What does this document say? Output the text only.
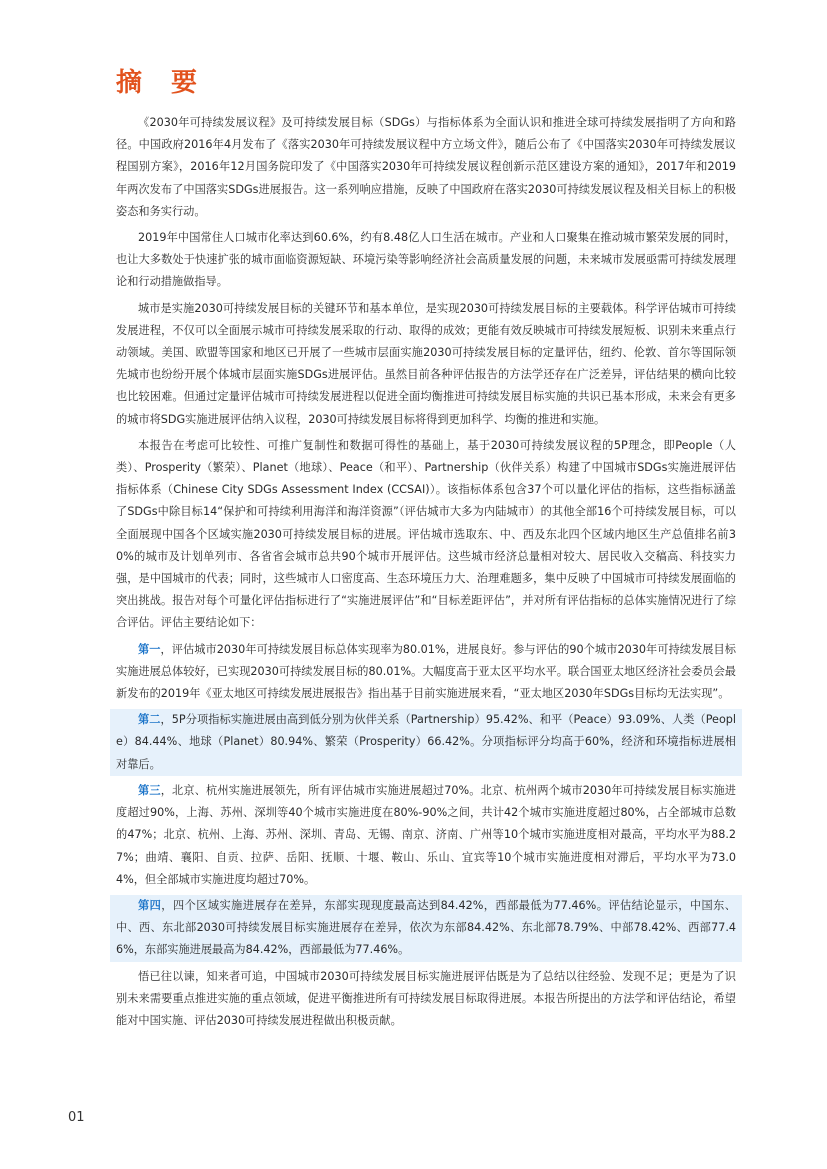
摘 要

《2030年可持续发展议程》及可持续发展目标（SDGs）与指标体系为全面认识和推进全球可持续发展指明了方向和路径。中国政府2016年4月发布了《落实2030年可持续发展议程中方立场文件》，随后公布了《中国落实2030年可持续发展议程国别方案》，2016年12月国务院印发了《中国落实2030年可持续发展议程创新示范区建设方案的通知》，2017年和2019年两次发布了中国落实SDGs进展报告。这一系列响应措施，反映了中国政府在落实2030可持续发展议程及相关目标上的积极姿态和务实行动。

2019年中国常住人口城市化率达到60.6%，约有8.48亿人口生活在城市。产业和人口聚集在推动城市繁荣发展的同时，也让大多数处于快速扩张的城市面临资源短缺、环境污染等影响经济社会高质量发展的问题，未来城市发展亟需可持续发展理论和行动措施做指导。

城市是实施2030可持续发展目标的关键环节和基本单位，是实现2030可持续发展目标的主要载体。科学评估城市可持续发展进程，不仅可以全面展示城市可持续发展采取的行动、取得的成效；更能有效反映城市可持续发展短板、识别未来重点行动领域。美国、欧盟等国家和地区已开展了一些城市层面实施2030可持续发展目标的定量评估，纽约、伦敦、首尔等国际领先城市也纷纷开展个体城市层面实施SDGs进展评估。虽然目前各种评估报告的方法学还存在广泛差异，评估结果的横向比较也比较困难。但通过定量评估城市可持续发展进程以促进全面均衡推进可持续发展目标实施的共识已基本形成，未来会有更多的城市将SDG实施进展评估纳入议程，2030可持续发展目标将得到更加科学、均衡的推进和实施。

本报告在考虑可比较性、可推广复制性和数据可得性的基础上，基于2030可持续发展议程的5P理念，即People（人类）、Prosperity（繁荣）、Planet（地球）、Peace（和平）、Partnership（伙伴关系）构建了中国城市SDGs实施进展评估指标体系（Chinese City SDGs Assessment Index (CCSAI)）。该指标体系包含37个可以量化评估的指标，这些指标涵盖了SDGs中除目标14“保护和可持续利用海洋和海洋资源”（评估城市大多为内陆城市）的其他全部16个可持续发展目标，可以全面展现中国各个区域实施2030可持续发展目标的进展。评估城市选取东、中、西及东北四个区域内地区生产总值排名前30%的城市及计划单列市、各省省会城市总共90个城市开展评估。这些城市经济总量相对较大、居民收入交稿高、科技实力强，是中国城市的代表；同时，这些城市人口密度高、生态环境压力大、治理难题多，集中反映了中国城市可持续发展面临的突出挑战。报告对每个可量化评估指标进行了“实施进展评估”和“目标差距评估”，并对所有评估指标的总体实施情况进行了综合评估。评估主要结论如下：

第一，评估城市2030年可持续发展目标总体实现率为80.01%，进展良好。参与评估的90个城市2030年可持续发展目标实施进展总体较好，已实现2030可持续发展目标的80.01%。大幅度高于亚太区平均水平。联合国亚太地区经济社会委员会最新发布的2019年《亚太地区可持续发展进展报告》指出基于目前实施进展来看，“亚太地区2030年SDGs目标均无法实现”。

第二，5P分项指标实施进展由高到低分别为伙伴关系（Partnership）95.42%、和平（Peace）93.09%、人类（People）84.44%、地球（Planet）80.94%、繁荣（Prosperity）66.42%。分项指标评分均高于60%，经济和环境指标进展相对靠后。

第三，北京、杭州实施进展领先，所有评估城市实施进展超过70%。北京、杭州两个城市2030年可持续发展目标实施进度超过90%，上海、苏州、深圳等40个城市实施进度在80%-90%之间，共计42个城市实施进度超过80%，占全部城市总数的47%；北京、杭州、上海、苏州、深圳、青岛、无锡、南京、济南、广州等10个城市实施进度相对最高，平均水平为88.27%；曲靖、襄阳、自贡、拉萨、岳阳、抚顺、十堰、鞍山、乐山、宜宾等10个城市实施进度相对滞后，平均水平为73.04%，但全部城市实施进度均超过70%。

第四，四个区域实施进展存在差异，东部实现现度最高达到84.42%，西部最低为77.46%。评估结论显示，中国东、中、西、东北部2030可持续发展目标实施进展存在差异，依次为东部84.42%、东北部78.79%、中部78.42%、西部77.46%，东部实施进展最高为84.42%，西部最低为77.46%。

悟已往以谏，知来者可追，中国城市2030可持续发展目标实施进展评估既是为了总结以往经验、发现不足；更是为了识别未来需要重点推进实施的重点领域，促进平衡推进所有可持续发展目标取得进展。本报告所提出的方法学和评估结论，希望能对中国实施、评估2030可持续发展进程做出积极贡献。

01
